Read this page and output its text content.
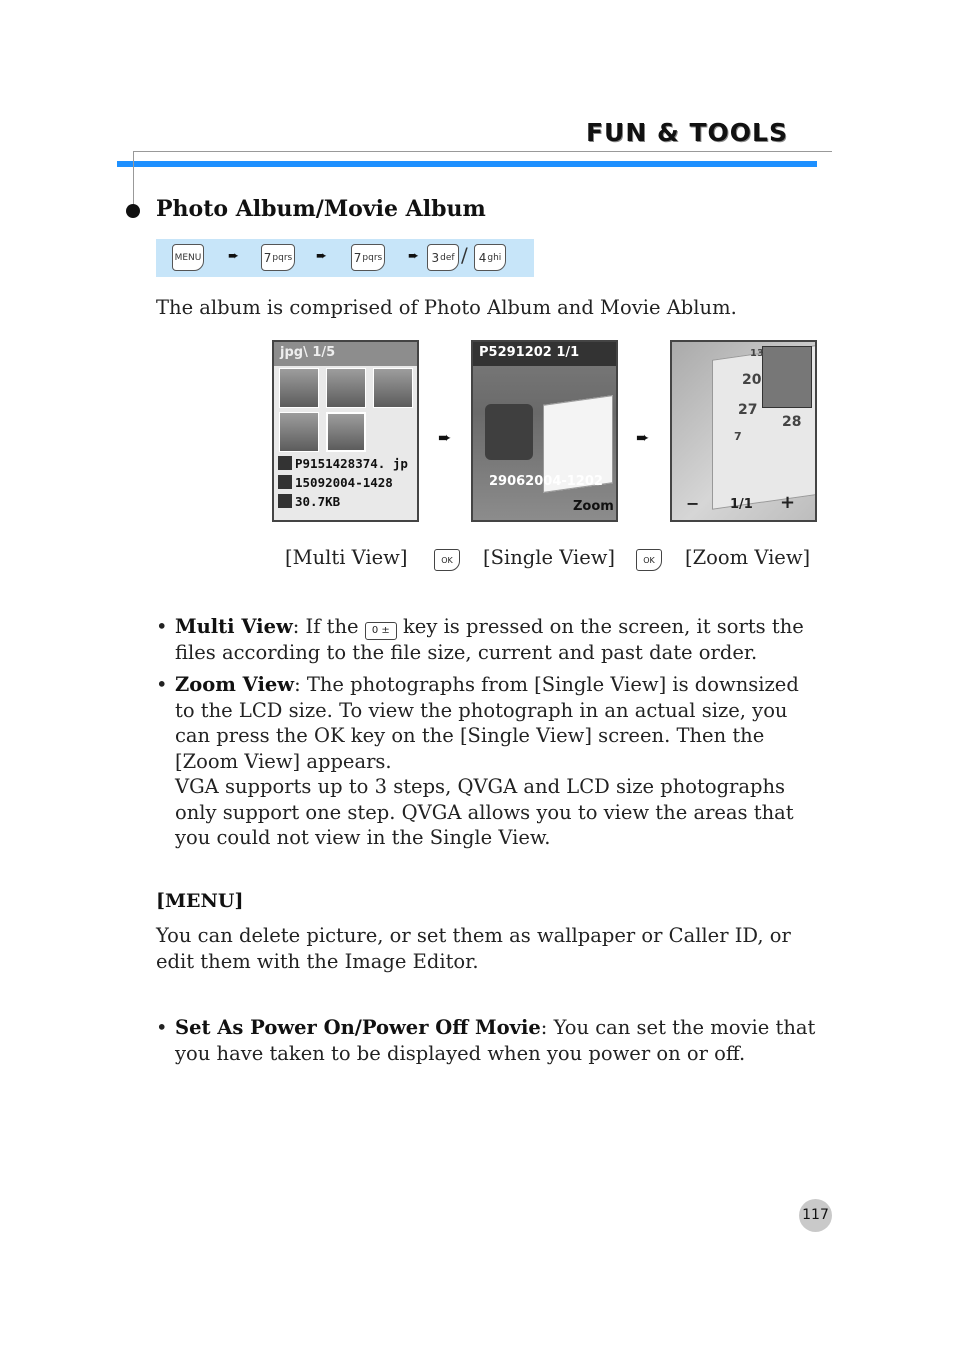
FUN & TOOLS
Photo Album/Movie Album
MENU ➨ 7 pqrs ➨ 7 pqrs ➨ 3 def / 4 ghi

The album is comprised of Photo Album and Movie Ablum.

jpg\ 1/5
P9151428374. jp
15092004-1428
30.7KB
➨
P5291202 1/1
29062004-1202
Zoom
➨
13
20
27
28
7
− 1/1 +
[Multi View]	OK [Single View]	OK [Zoom View]
• Multi View: If the 0 ± key is pressed on the screen, it sorts the files according to the file size, current and past date order.
• Zoom View: The photographs from [Single View] is downsized to the LCD size. To view the photograph in an actual size, you can press the OK key on the [Single View] screen. Then the [Zoom View] appears.
VGA supports up to 3 steps, QVGA and LCD size photographs only support one step. QVGA allows you to view the areas that you could not view in the Single View.
[MENU]

You can delete picture, or set them as wallpaper or Caller ID, or edit them with the Image Editor.

• Set As Power On/Power Off Movie: You can set the movie that you have taken to be displayed when you power on or off.
117
